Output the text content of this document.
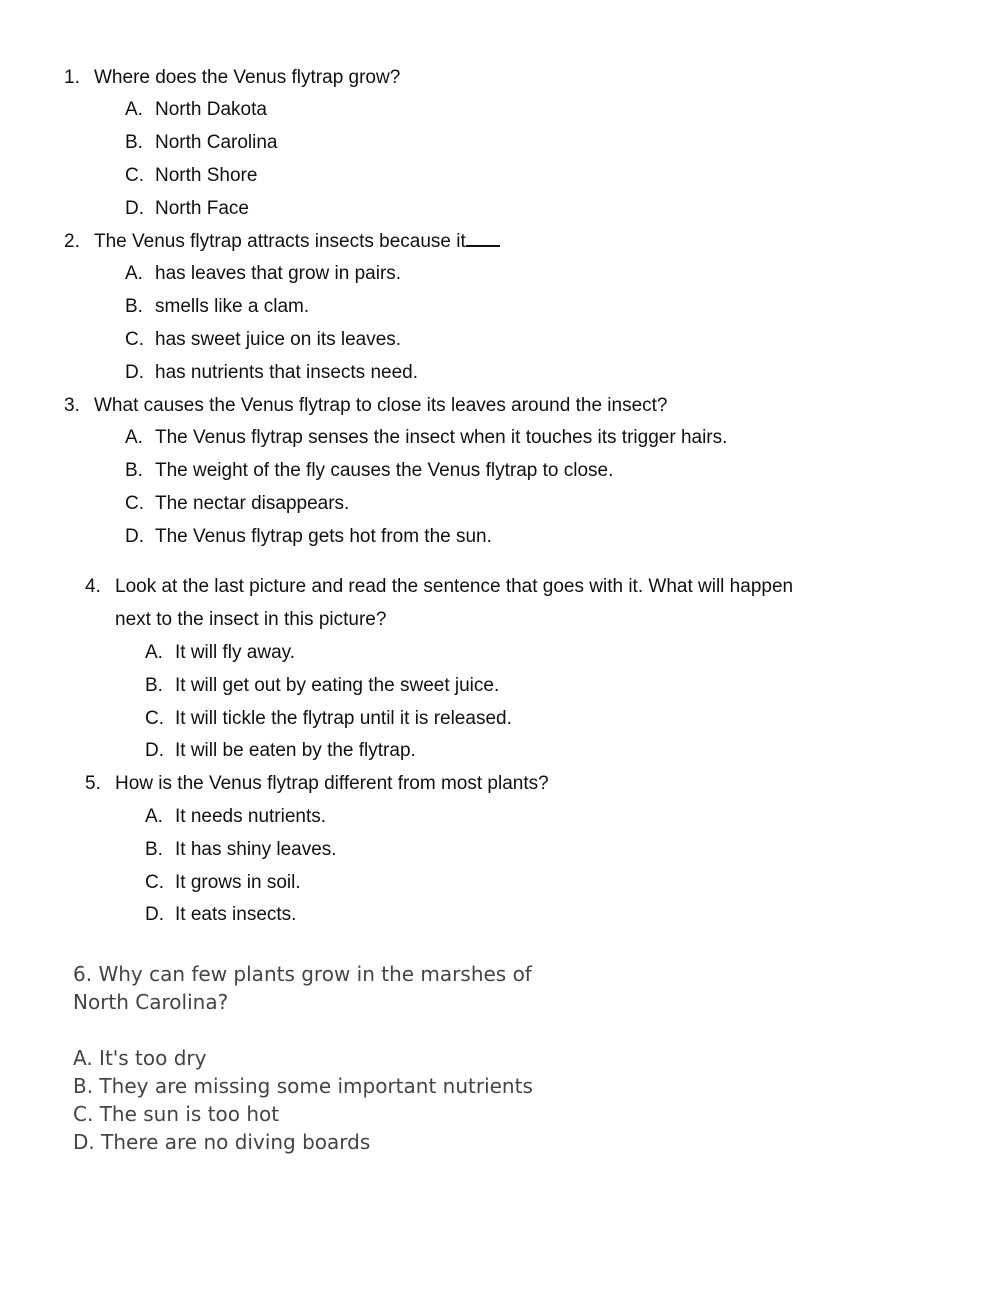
1. Where does the Venus flytrap grow?
A. North Dakota
B. North Carolina
C. North Shore
D. North Face
2. The Venus flytrap attracts insects because it
A. has leaves that grow in pairs.
B. smells like a clam.
C. has sweet juice on its leaves.
D. has nutrients that insects need.
3. What causes the Venus flytrap to close its leaves around the insect?
A. The Venus flytrap senses the insect when it touches its trigger hairs.
B. The weight of the fly causes the Venus flytrap to close.
C. The nectar disappears.
D. The Venus flytrap gets hot from the sun.
4. Look at the last picture and read the sentence that goes with it. What will happen
next to the insect in this picture?
A. It will fly away.
B. It will get out by eating the sweet juice.
C. It will tickle the flytrap until it is released.
D. It will be eaten by the flytrap.
5. How is the Venus flytrap different from most plants?
A. It needs nutrients.
B. It has shiny leaves.
C. It grows in soil.
D. It eats insects.
6. Why can few plants grow in the marshes of
North Carolina?
A. It's too dry
B. They are missing some important nutrients
C. The sun is too hot
D. There are no diving boards
